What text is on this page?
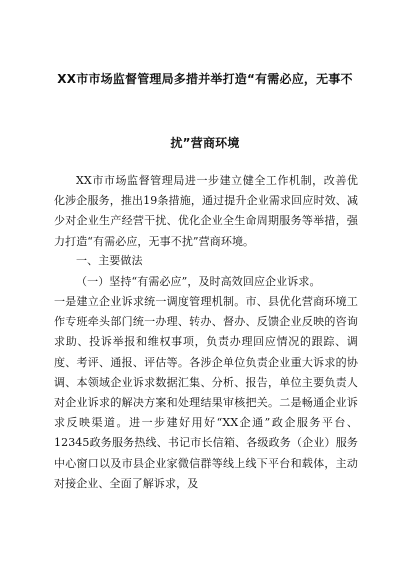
XX市市场监督管理局多措并举打造“有需必应，无事不
扰”营商环境
XX市市场监督管理局进一步建立健全工作机制，改善优化涉企服务，推出19条措施，通过提升企业需求回应时效、减少对企业生产经营干扰、优化企业全生命周期服务等举措，强力打造“有需必应，无事不扰”营商环境。
一、主要做法
（一）坚持“有需必应”，及时高效回应企业诉求。
一是建立企业诉求统一调度管理机制。市、县优化营商环境工作专班牵头部门统一办理、转办、督办、反馈企业反映的咨询求助、投诉举报和维权事项，负责办理回应情况的跟踪、调度、考评、通报、评估等。各涉企单位负责企业重大诉求的协调、本领域企业诉求数据汇集、分析、报告，单位主要负责人对企业诉求的解决方案和处理结果审核把关。二是畅通企业诉求反映渠道。进一步建好用好“XX企通”政企服务平台、12345政务服务热线、书记市长信箱、各级政务（企业）服务中心窗口以及市县企业家微信群等线上线下平台和载体，主动对接企业、全面了解诉求，及
